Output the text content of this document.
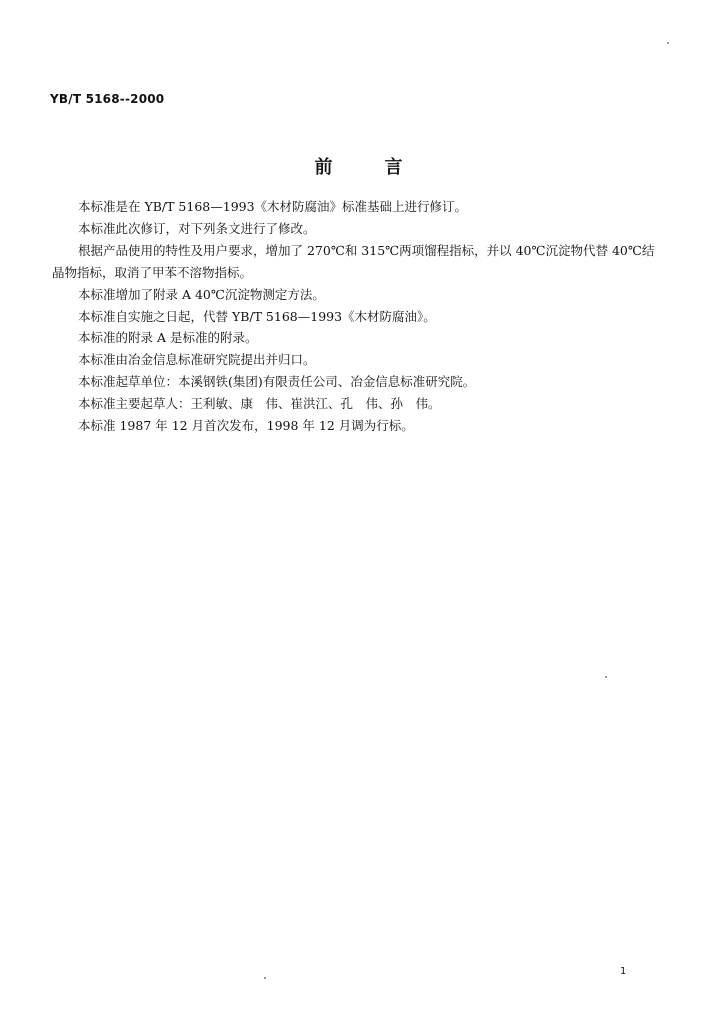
YB/T 5168--2000
前言

本标准是在 YB/T 5168—1993《木材防腐油》标准基础上进行修订。

本标准此次修订，对下列条文进行了修改。

根据产品使用的特性及用户要求，增加了 270℃和 315℃两项馏程指标，并以 40℃沉淀物代替 40℃结晶物指标，取消了甲苯不溶物指标。

本标准增加了附录 A 40℃沉淀物测定方法。

本标准自实施之日起，代替 YB/T 5168—1993《木材防腐油》。

本标准的附录 A 是标准的附录。

本标准由冶金信息标准研究院提出并归口。

本标准起草单位：本溪钢铁(集团)有限责任公司、冶金信息标准研究院。

本标准主要起草人：王利敏、康　伟、崔洪江、孔　伟、孙　伟。

本标准 1987 年 12 月首次发布，1998 年 12 月调为行标。

1
